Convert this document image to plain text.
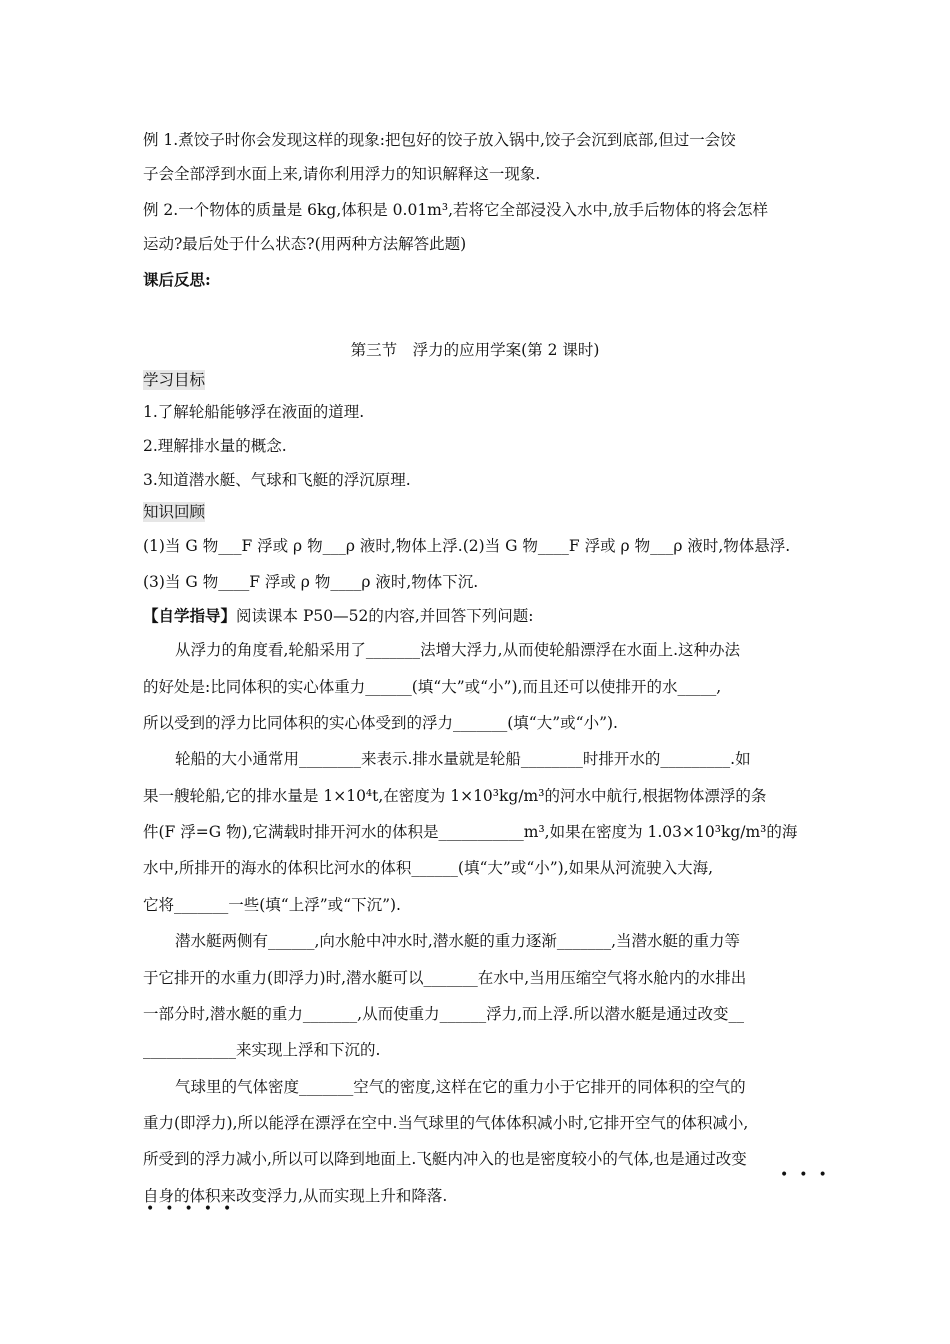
例 1.煮饺子时你会发现这样的现象:把包好的饺子放入锅中,饺子会沉到底部,但过一会饺
子会全部浮到水面上来,请你利用浮力的知识解释这一现象.
例 2.一个物体的质量是 6kg,体积是 0.01m³,若将它全部浸没入水中,放手后物体的将会怎样
运动?最后处于什么状态?(用两种方法解答此题)
课后反思:
第三节　浮力的应用学案(第 2 课时)
学习目标
1.了解轮船能够浮在液面的道理.
2.理解排水量的概念.
3.知道潜水艇、气球和飞艇的浮沉原理.
知识回顾
(1)当 G 物___F 浮或 ρ 物___ρ 液时,物体上浮.(2)当 G 物____F 浮或 ρ 物___ρ 液时,物体悬浮.
(3)当 G 物____F 浮或 ρ 物____ρ 液时,物体下沉.
【自学指导】阅读课本 P50—52的内容,并回答下列问题:
从浮力的角度看,轮船采用了_______法增大浮力,从而使轮船漂浮在水面上.这种办法
的好处是:比同体积的实心体重力______(填“大”或“小”),而且还可以使排开的水_____,
所以受到的浮力比同体积的实心体受到的浮力_______(填“大”或“小”).
轮船的大小通常用________来表示.排水量就是轮船________时排开水的_________.如
果一艘轮船,它的排水量是 1×10⁴t,在密度为 1×10³kg/m³的河水中航行,根据物体漂浮的条
件(F 浮=G 物),它满载时排开河水的体积是___________m³,如果在密度为 1.03×10³kg/m³的海
水中,所排开的海水的体积比河水的体积______(填“大”或“小”),如果从河流驶入大海,
它将_______一些(填“上浮”或“下沉”).
潜水艇两侧有______,向水舱中冲水时,潜水艇的重力逐渐_______,当潜水艇的重力等
于它排开的水重力(即浮力)时,潜水艇可以_______在水中,当用压缩空气将水舱内的水排出
一部分时,潜水艇的重力_______,从而使重力______浮力,而上浮.所以潜水艇是通过改变__
____________来实现上浮和下沉的.
气球里的气体密度_______空气的密度,这样在它的重力小于它排开的同体积的空气的
重力(即浮力),所以能浮在漂浮在空中.当气球里的气体体积减小时,它排开空气的体积减小,
所受到的浮力减小,所以可以降到地面上.飞艇内冲入的也是密度较小的气体,也是通过改变
自身的体积来改变浮力,从而实现上升和降落.
•••
•••••
